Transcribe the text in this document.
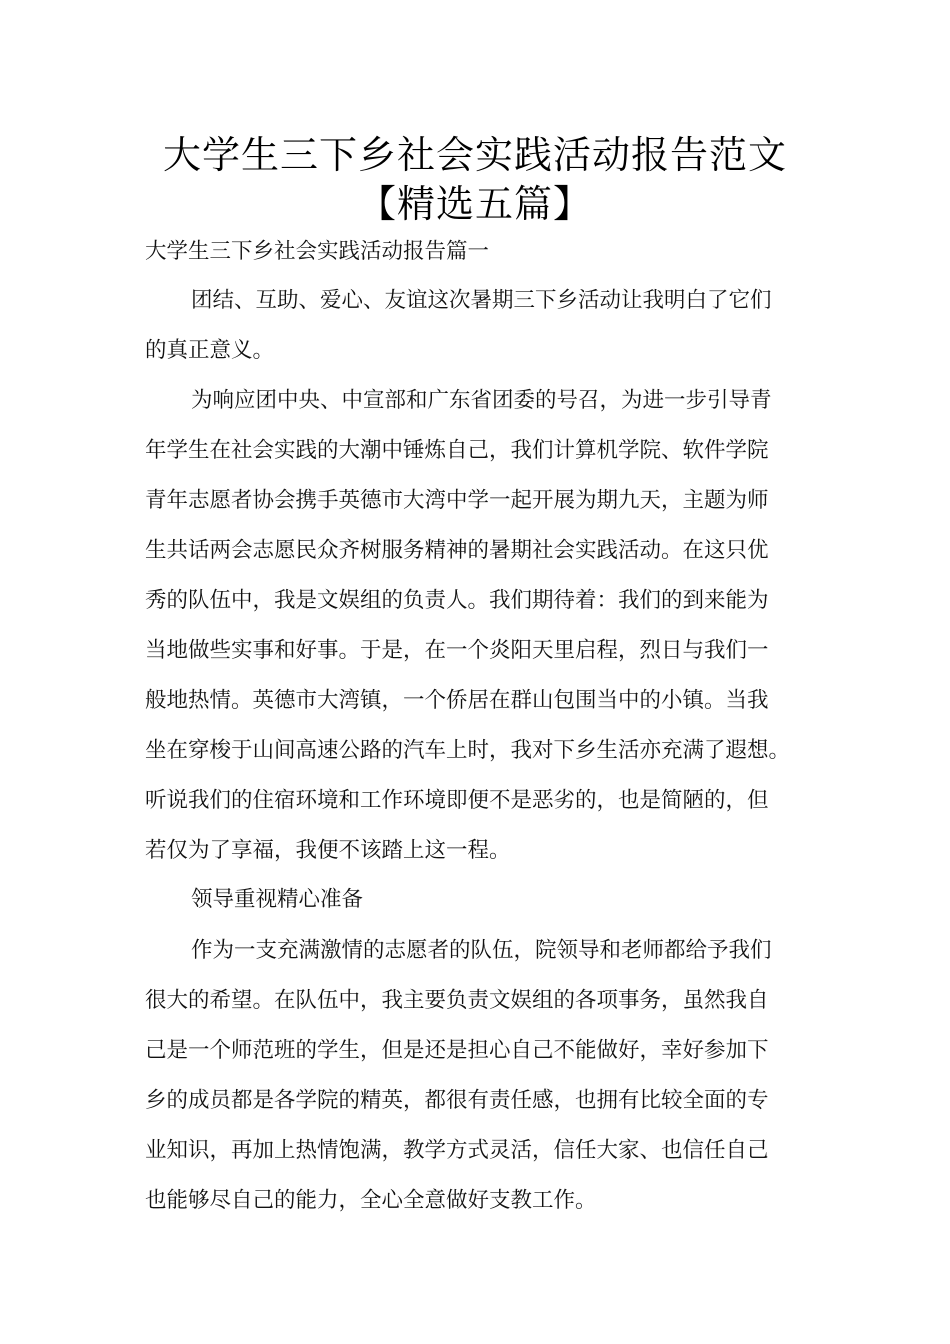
大学生三下乡社会实践活动报告范文
【精选五篇】
大学生三下乡社会实践活动报告篇一
团结、互助、爱心、友谊这次暑期三下乡活动让我明白了它们
的真正意义。
为响应团中央、中宣部和广东省团委的号召，为进一步引导青
年学生在社会实践的大潮中锤炼自己，我们计算机学院、软件学院
青年志愿者协会携手英德市大湾中学一起开展为期九天，主题为师
生共话两会志愿民众齐树服务精神的暑期社会实践活动。在这只优
秀的队伍中，我是文娱组的负责人。我们期待着：我们的到来能为
当地做些实事和好事。于是，在一个炎阳天里启程，烈日与我们一
般地热情。英德市大湾镇，一个侨居在群山包围当中的小镇。当我
坐在穿梭于山间高速公路的汽车上时，我对下乡生活亦充满了遐想。
听说我们的住宿环境和工作环境即便不是恶劣的，也是简陋的，但
若仅为了享福，我便不该踏上这一程。
领导重视精心准备
作为一支充满激情的志愿者的队伍，院领导和老师都给予我们
很大的希望。在队伍中，我主要负责文娱组的各项事务，虽然我自
己是一个师范班的学生，但是还是担心自己不能做好，幸好参加下
乡的成员都是各学院的精英，都很有责任感，也拥有比较全面的专
业知识，再加上热情饱满，教学方式灵活，信任大家、也信任自己
也能够尽自己的能力，全心全意做好支教工作。
